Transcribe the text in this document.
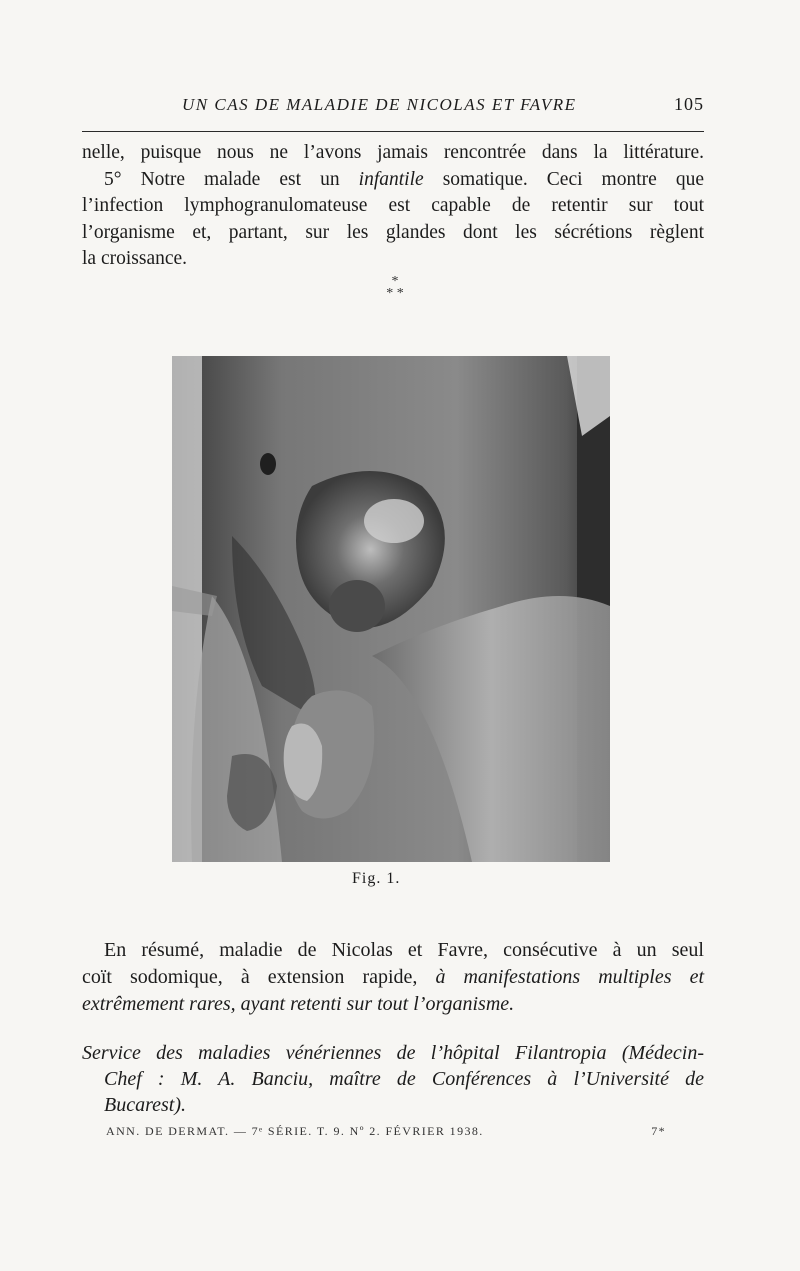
UN CAS DE MALADIE DE NICOLAS ET FAVRE	105
nelle, puisque nous ne l’avons jamais rencontrée dans la littérature.
5° Notre malade est un infantile somatique. Ceci montre que
l’infection lymphogranulomateuse est capable de retentir sur tout
l’organisme et, partant, sur les glandes dont les sécrétions règlent
la croissance.
*
* *
Fig. 1.
En résumé, maladie de Nicolas et Favre, consécutive à un seul
coït sodomique, à extension rapide, à manifestations multiples et
extrêmement rares, ayant retenti sur tout l’organisme.
Service des maladies vénériennes de l’hôpital Filantropia (Médecin-
Chef : M. A. Banciu, maître de Conférences à l’Université de
Bucarest).
ANN. DE DERMAT. — 7ᵉ SÉRIE. T. 9. Nº 2. FÉVRIER 1938.	7*
